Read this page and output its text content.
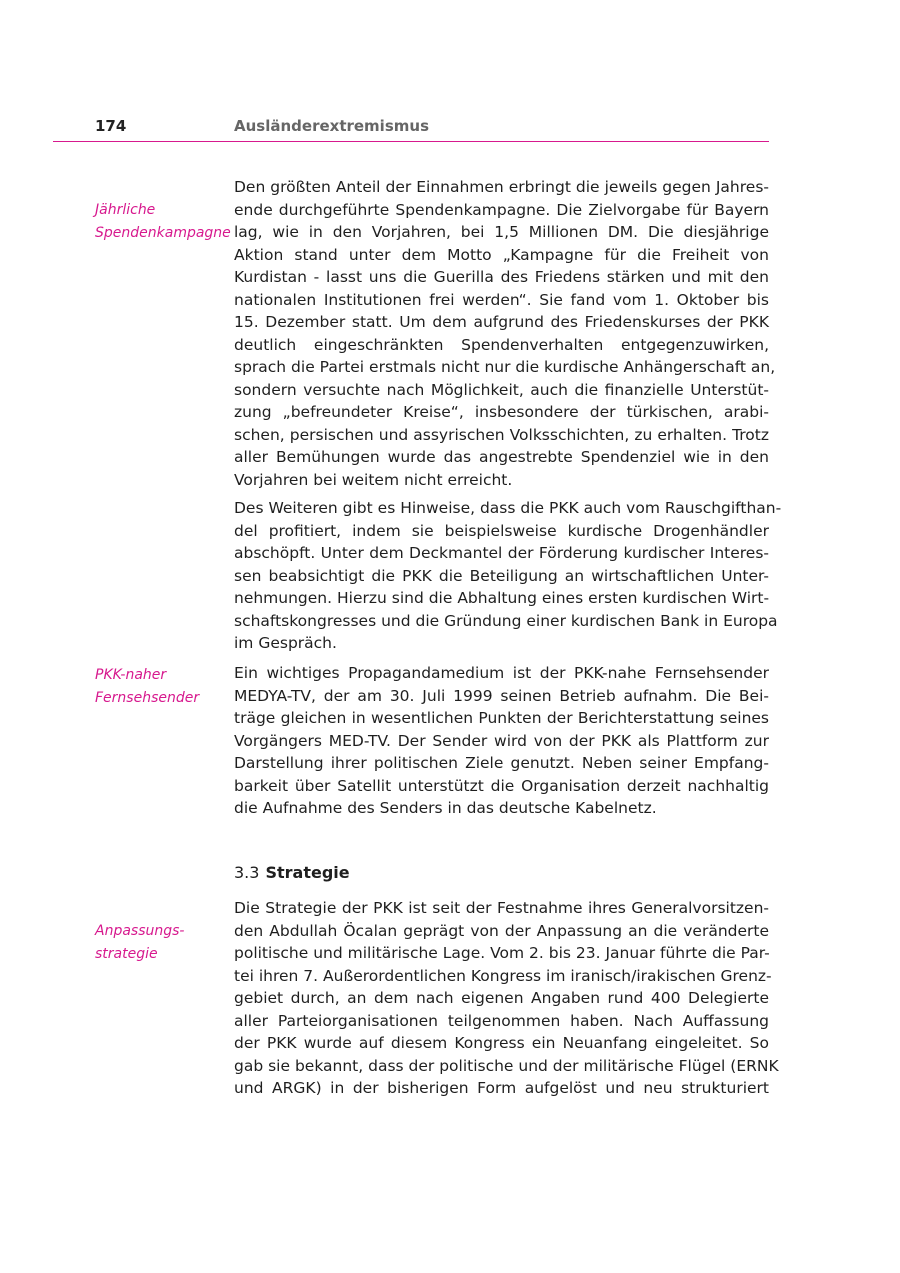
174	Ausländerextremismus
Jährliche
Spendenkampagne
PKK-naher
Fernsehsender
Anpassungs-
strategie
Den größten Anteil der Einnahmen erbringt die jeweils gegen Jahres-
ende durchgeführte Spendenkampagne. Die Zielvorgabe für Bayern
lag, wie in den Vorjahren, bei 1,5 Millionen DM. Die diesjährige
Aktion stand unter dem Motto „Kampagne für die Freiheit von
Kurdistan - lasst uns die Guerilla des Friedens stärken und mit den
nationalen Institutionen frei werden“. Sie fand vom 1. Oktober bis
15. Dezember statt. Um dem aufgrund des Friedenskurses der PKK
deutlich eingeschränkten Spendenverhalten entgegenzuwirken,
sprach die Partei erstmals nicht nur die kurdische Anhängerschaft an,
sondern versuchte nach Möglichkeit, auch die finanzielle Unterstüt-
zung „befreundeter Kreise“, insbesondere der türkischen, arabi-
schen, persischen und assyrischen Volksschichten, zu erhalten. Trotz
aller Bemühungen wurde das angestrebte Spendenziel wie in den
Vorjahren bei weitem nicht erreicht.
Des Weiteren gibt es Hinweise, dass die PKK auch vom Rauschgifthan-
del profitiert, indem sie beispielsweise kurdische Drogenhändler
abschöpft. Unter dem Deckmantel der Förderung kurdischer Interes-
sen beabsichtigt die PKK die Beteiligung an wirtschaftlichen Unter-
nehmungen. Hierzu sind die Abhaltung eines ersten kurdischen Wirt-
schaftskongresses und die Gründung einer kurdischen Bank in Europa
im Gespräch.
Ein wichtiges Propagandamedium ist der PKK-nahe Fernsehsender
MEDYA-TV, der am 30. Juli 1999 seinen Betrieb aufnahm. Die Bei-
träge gleichen in wesentlichen Punkten der Berichterstattung seines
Vorgängers MED-TV. Der Sender wird von der PKK als Plattform zur
Darstellung ihrer politischen Ziele genutzt. Neben seiner Empfang-
barkeit über Satellit unterstützt die Organisation derzeit nachhaltig
die Aufnahme des Senders in das deutsche Kabelnetz.
3.3 Strategie
Die Strategie der PKK ist seit der Festnahme ihres Generalvorsitzen-
den Abdullah Öcalan geprägt von der Anpassung an die veränderte
politische und militärische Lage. Vom 2. bis 23. Januar führte die Par-
tei ihren 7. Außerordentlichen Kongress im iranisch/irakischen Grenz-
gebiet durch, an dem nach eigenen Angaben rund 400 Delegierte
aller Parteiorganisationen teilgenommen haben. Nach Auffassung
der PKK wurde auf diesem Kongress ein Neuanfang eingeleitet. So
gab sie bekannt, dass der politische und der militärische Flügel (ERNK
und ARGK) in der bisherigen Form aufgelöst und neu strukturiert
